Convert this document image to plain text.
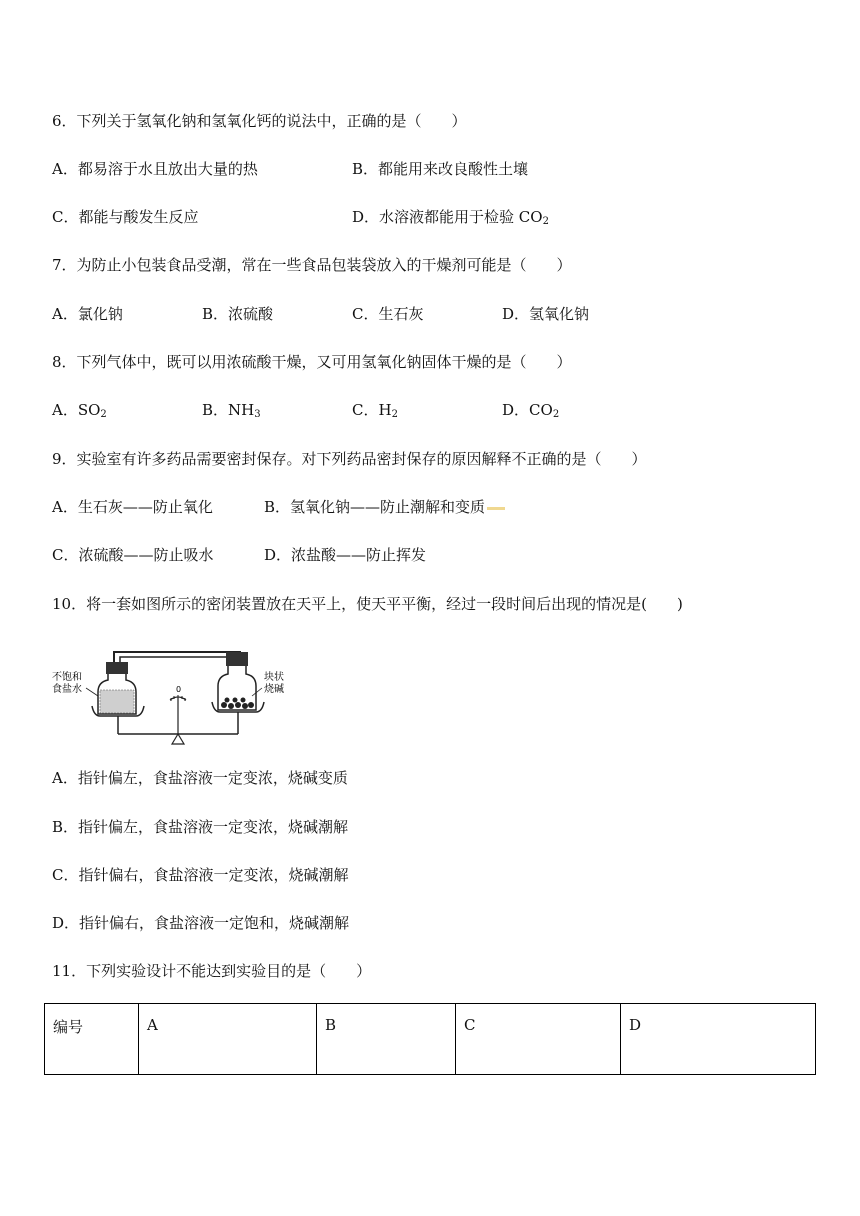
6．下列关于氢氧化钠和氢氧化钙的说法中，正确的是（　　）
A．都易溶于水且放出大量的热	B．都能用来改良酸性土壤
C．都能与酸发生反应	D．水溶液都能用于检验 $CO_2$
7．为防止小包装食品受潮，常在一些食品包装袋放入的干燥剂可能是（　　）
A．氯化钠	B．浓硫酸	C．生石灰	D．氢氧化钠
8．下列气体中，既可以用浓硫酸干燥，又可用氢氧化钠固体干燥的是（　　）
A．$SO_2$	B．$NH_3$	C．$H_2$	D．$CO_2$
9．实验室有许多药品需要密封保存。对下列药品密封保存的原因解释不正确的是（　　）
A．生石灰——防止氧化	B．氢氧化钠——防止潮解和变质
C．浓硫酸——防止吸水	D．浓盐酸——防止挥发
10．将一套如图所示的密闭装置放在天平上，使天平平衡，经过一段时间后出现的情况是(　　)
0
不饱和
食盐水
块状
烧碱
A．指针偏左，食盐溶液一定变浓，烧碱变质
B．指针偏左，食盐溶液一定变浓，烧碱潮解
C．指针偏右，食盐溶液一定变浓，烧碱潮解
D．指针偏右，食盐溶液一定饱和，烧碱潮解
11．下列实验设计不能达到实验目的是（　　）
编号	A	B	C	D
